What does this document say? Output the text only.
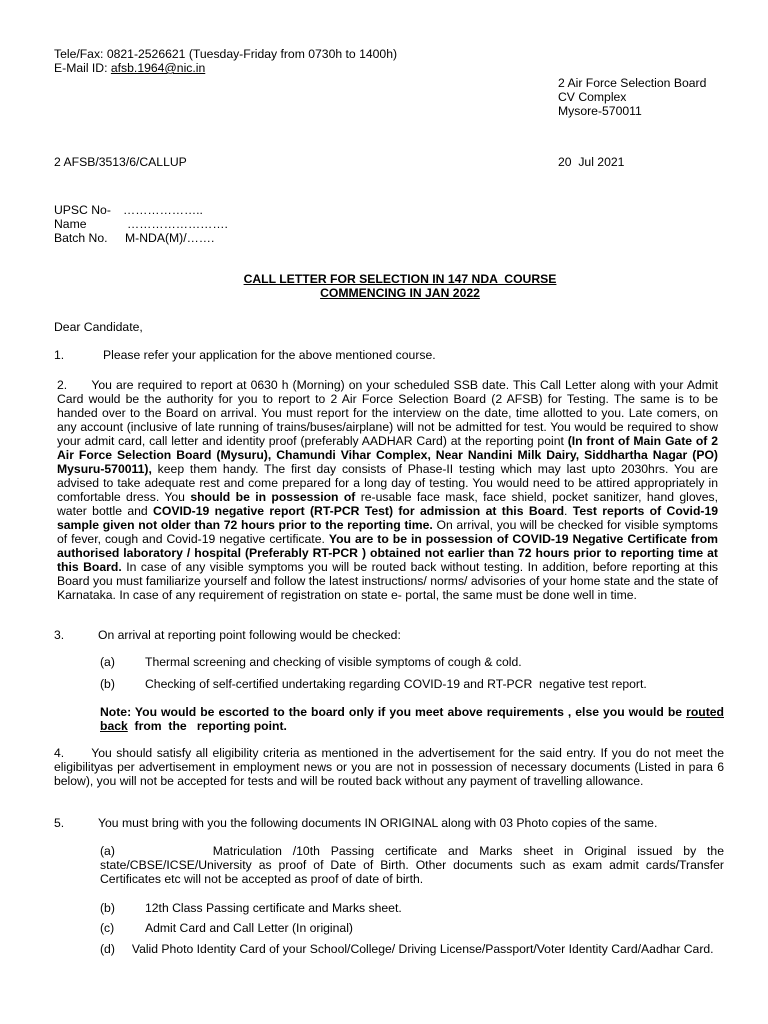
Tele/Fax: 0821-2526621 (Tuesday-Friday from 0730h to 1400h)
E-Mail ID: afsb.1964@nic.in
2 Air Force Selection Board
CV Complex
Mysore-570011
2 AFSB/3513/6/CALLUP	20  Jul 2021
UPSC No- ………………..
Name	…………………….
Batch No. M-NDA(M)/…….
CALL LETTER FOR SELECTION IN 147 NDA  COURSE
COMMENCING IN JAN 2022
Dear Candidate,
1.	Please refer your application for the above mentioned course.
2. You are required to report at 0630 h (Morning) on your scheduled SSB date. This Call Letter along with your Admit Card would be the authority for you to report to 2 Air Force Selection Board (2 AFSB) for Testing. The same is to be handed over to the Board on arrival. You must report for the interview on the date, time allotted to you. Late comers, on any account (inclusive of late running of trains/buses/airplane) will not be admitted for test. You would be required to show your admit card, call letter and identity proof (preferably AADHAR Card) at the reporting point (In front of Main Gate of 2 Air Force Selection Board (Mysuru), Chamundi Vihar Complex, Near Nandini Milk Dairy, Siddhartha Nagar (PO) Mysuru-570011), keep them handy. The first day consists of Phase-II testing which may last upto 2030hrs. You are advised to take adequate rest and come prepared for a long day of testing. You would need to be attired appropriately in comfortable dress. You should be in possession of re-usable face mask, face shield, pocket sanitizer, hand gloves, water bottle and COVID-19 negative report (RT-PCR Test) for admission at this Board. Test reports of Covid-19 sample given not older than 72 hours prior to the reporting time. On arrival, you will be checked for visible symptoms of fever, cough and Covid-19 negative certificate. You are to be in possession of COVID-19 Negative Certificate from authorised laboratory / hospital (Preferably RT-PCR ) obtained not earlier than 72 hours prior to reporting time at this Board. In case of any visible symptoms you will be routed back without testing. In addition, before reporting at this Board you must familiarize yourself and follow the latest instructions/ norms/ advisories of your home state and the state of Karnataka. In case of any requirement of registration on state e- portal, the same must be done well in time.
3.	On arrival at reporting point following would be checked:
(a) Thermal screening and checking of visible symptoms of cough & cold.
(b) Checking of self-certified undertaking regarding COVID-19 and RT-PCR  negative test report.
Note: You would be escorted to the board only if you meet above requirements , else you would be routed back  from  the   reporting point.
4. You should satisfy all eligibility criteria as mentioned in the advertisement for the said entry. If you do not meet the eligibilityas per advertisement in employment news or you are not in possession of necessary documents (Listed in para 6 below), you will not be accepted for tests and will be routed back without any payment of travelling allowance.
5.	You must bring with you the following documents IN ORIGINAL along with 03 Photo copies of the same.
(a)	Matriculation /10th Passing certificate and Marks sheet in Original issued by the state/CBSE/ICSE/University as proof of Date of Birth. Other documents such as exam admit cards/Transfer Certificates etc will not be accepted as proof of date of birth.
(b) 12th Class Passing certificate and Marks sheet.
(c)	Admit Card and Call Letter (In original)
(d) Valid Photo Identity Card of your School/College/ Driving License/Passport/Voter Identity Card/Aadhar Card.
